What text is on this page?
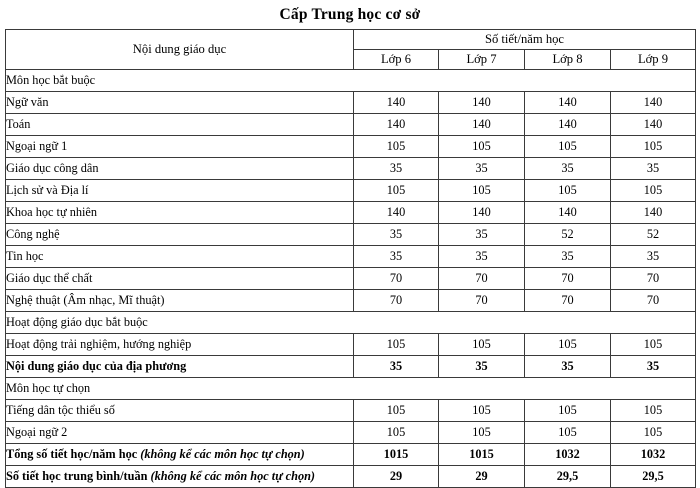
Cấp Trung học cơ sở
Nội dung giáo dục	Số tiết/năm học			
	Lớp 6	Lớp 7	Lớp 8	Lớp 9
Môn học bắt buộc				
Ngữ văn	140	140	140	140
Toán	140	140	140	140
Ngoại ngữ 1	105	105	105	105
Giáo dục công dân	35	35	35	35
Lịch sử và Địa lí	105	105	105	105
Khoa học tự nhiên	140	140	140	140
Công nghệ	35	35	52	52
Tin học	35	35	35	35
Giáo dục thể chất	70	70	70	70
Nghệ thuật (Âm nhạc, Mĩ thuật)	70	70	70	70
Hoạt động giáo dục bắt buộc				
Hoạt động trải nghiệm, hướng nghiệp	105	105	105	105
Nội dung giáo dục của địa phương	35	35	35	35
Môn học tự chọn				
Tiếng dân tộc thiểu số	105	105	105	105
Ngoại ngữ 2	105	105	105	105
Tổng số tiết học/năm học (không kể các môn học tự chọn)	1015	1015	1032	1032
Số tiết học trung bình/tuần (không kể các môn học tự chọn)	29	29	29,5	29,5
